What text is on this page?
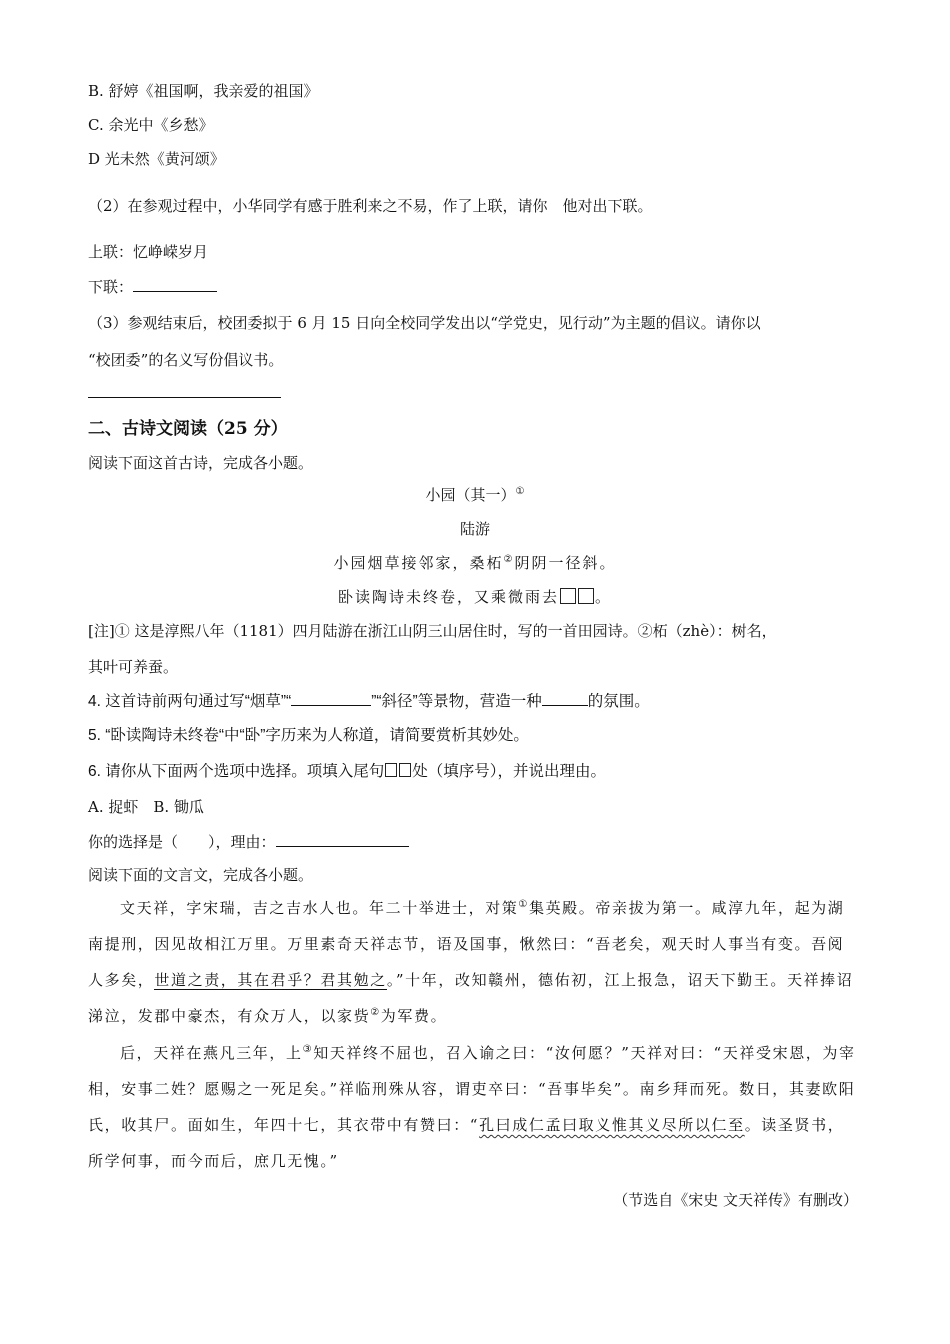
B. 舒婷《祖国啊，我亲爱的祖国》
C. 余光中《乡愁》
D 光未然《黄河颂》
（2）在参观过程中，小华同学有感于胜利来之不易，作了上联，请你　他对出下联。
上联：忆峥嵘岁月
下联：
（3）参观结束后，校团委拟于 6 月 15 日向全校同学发出以“学党史，见行动”为主题的倡议。请你以
“校团委”的名义写份倡议书。
二、古诗文阅读（25 分）
阅读下面这首古诗，完成各小题。
小园（其一）①
陆游
小园烟草接邻家，桑柘②阴阴一径斜。
卧读陶诗未终卷，又乘微雨去 。
[注]① 这是淳熙八年（1181）四月陆游在浙江山阴三山居住时，写的一首田园诗。②柘（zhè）：树名，
其叶可养蚕。
4. 这首诗前两句通过写“烟草”“	”“斜径”等景物，营造一种	的氛围。
5. “卧读陶诗未终卷“中“卧”字历来为人称道，请简要赏析其妙处。
6. 请你从下面两个选项中选择。项填入尾句 处（填序号），并说出理由。
A. 捉虾　B. 锄瓜
你的选择是（　　），理由：
阅读下面的文言文，完成各小题。
文天祥，字宋瑞，吉之吉水人也。年二十举进士，对策①集英殿。帝亲拔为第一。咸淳九年，起为湖南提刑，因见故相江万里。万里素奇天祥志节，语及国事，愀然曰：“吾老矣，观天时人事当有变。吾阅人多矣，世道之责，其在君乎？君其勉之。”十年，改知赣州，德佑初，江上报急，诏天下勤王。天祥捧诏涕泣，发郡中豪杰，有众万人，以家赀②为军费。
后，天祥在燕凡三年，上③知天祥终不屈也，召入谕之曰：“汝何愿？”天祥对曰：“天祥受宋恩，为宰相，安事二姓？愿赐之一死足矣。”祥临刑殊从容，谓吏卒曰：“吾事毕矣”。南乡拜而死。数日，其妻欧阳氏，收其尸。面如生，年四十七，其衣带中有赞曰：“孔曰成仁孟曰取义惟其义尽所以仁至。读圣贤书，所学何事，而今而后，庶几无愧。”
（节选自《宋史 文天祥传》有删改）
